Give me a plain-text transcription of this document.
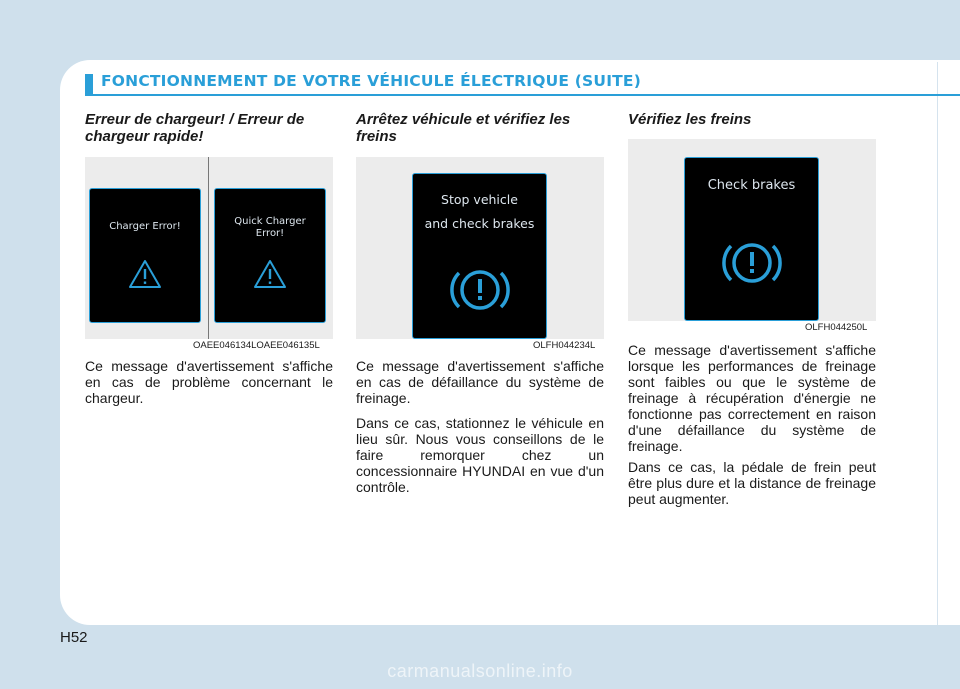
FONCTIONNEMENT DE VOTRE VÉHICULE ÉLECTRIQUE (SUITE)
Erreur de chargeur! / Erreur de chargeur rapide!
Charger Error!	Quick Charger
Error!
OAEE046134LOAEE046135L

Ce message d'avertissement s'affiche en cas de problème concernant le chargeur.

Arrêtez véhicule et vérifiez les freins
Stop vehicle
and check brakes
OLFH044234L

Ce message d'avertissement s'affiche en cas de défaillance du système de freinage.

Dans ce cas, stationnez le véhicule en lieu sûr. Nous vous conseillons de le faire remorquer chez un concessionnaire HYUNDAI en vue d'un contrôle.

Vérifiez les freins
Check brakes
OLFH044250L

Ce message d'avertissement s'affiche lorsque les performances de freinage sont faibles ou que le système de freinage à récupération d'énergie ne fonctionne pas correctement en raison d'une défaillance du système de freinage.

Dans ce cas, la pédale de frein peut être plus dure et la distance de freinage peut augmenter.

H52
carmanualsonline.info
